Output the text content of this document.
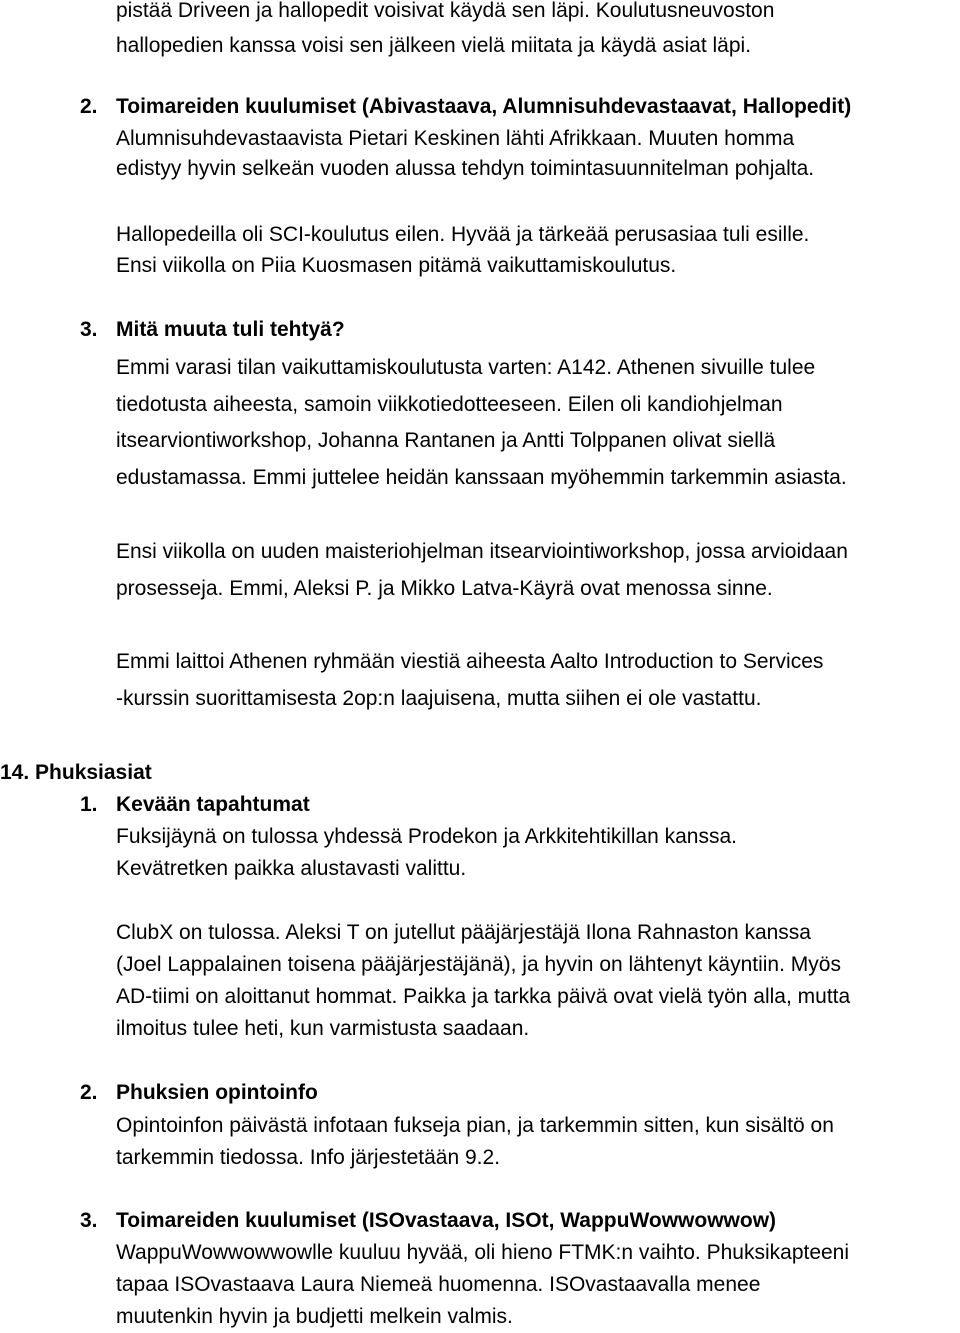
pistää Driveen ja hallopedit voisivat käydä sen läpi. Koulutusneuvoston
hallopedien kanssa voisi sen jälkeen vielä miitata ja käydä asiat läpi.
2. Toimareiden kuulumiset (Abivastaava, Alumnisuhdevastaavat, Hallopedit)
Alumnisuhdevastaavista Pietari Keskinen lähti Afrikkaan. Muuten homma
edistyy hyvin selkeän vuoden alussa tehdyn toimintasuunnitelman pohjalta.
Hallopedeilla oli SCI-koulutus eilen. Hyvää ja tärkeää perusasiaa tuli esille.
Ensi viikolla on Piia Kuosmasen pitämä vaikuttamiskoulutus.
3. Mitä muuta tuli tehtyä?
Emmi varasi tilan vaikuttamiskoulutusta varten: A142. Athenen sivuille tulee
tiedotusta aiheesta, samoin viikkotiedotteeseen. Eilen oli kandiohjelman
itsearviontiworkshop, Johanna Rantanen ja Antti Tolppanen olivat siellä
edustamassa. Emmi juttelee heidän kanssaan myöhemmin tarkemmin asiasta.
Ensi viikolla on uuden maisteriohjelman itsearviointiworkshop, jossa arvioidaan
prosesseja. Emmi, Aleksi P. ja Mikko Latva-Käyrä ovat menossa sinne.
Emmi laittoi Athenen ryhmään viestiä aiheesta Aalto Introduction to Services
-kurssin suorittamisesta 2op:n laajuisena, mutta siihen ei ole vastattu.
14. Phuksiasiat
1. Kevään tapahtumat
Fuksijäynä on tulossa yhdessä Prodekon ja Arkkitehtikillan kanssa.
Kevätretken paikka alustavasti valittu.
ClubX on tulossa. Aleksi T on jutellut pääjärjestäjä Ilona Rahnaston kanssa
(Joel Lappalainen toisena pääjärjestäjänä), ja hyvin on lähtenyt käyntiin. Myös
AD-tiimi on aloittanut hommat. Paikka ja tarkka päivä ovat vielä työn alla, mutta
ilmoitus tulee heti, kun varmistusta saadaan.
2. Phuksien opintoinfo
Opintoinfon päivästä infotaan fukseja pian, ja tarkemmin sitten, kun sisältö on
tarkemmin tiedossa. Info järjestetään 9.2.
3. Toimareiden kuulumiset (ISOvastaava, ISOt, WappuWowwowwow)
WappuWowwowwowlle kuuluu hyvää, oli hieno FTMK:n vaihto. Phuksikapteeni
tapaa ISOvastaava Laura Niemeä huomenna. ISOvastaavalla menee
muutenkin hyvin ja budjetti melkein valmis.
